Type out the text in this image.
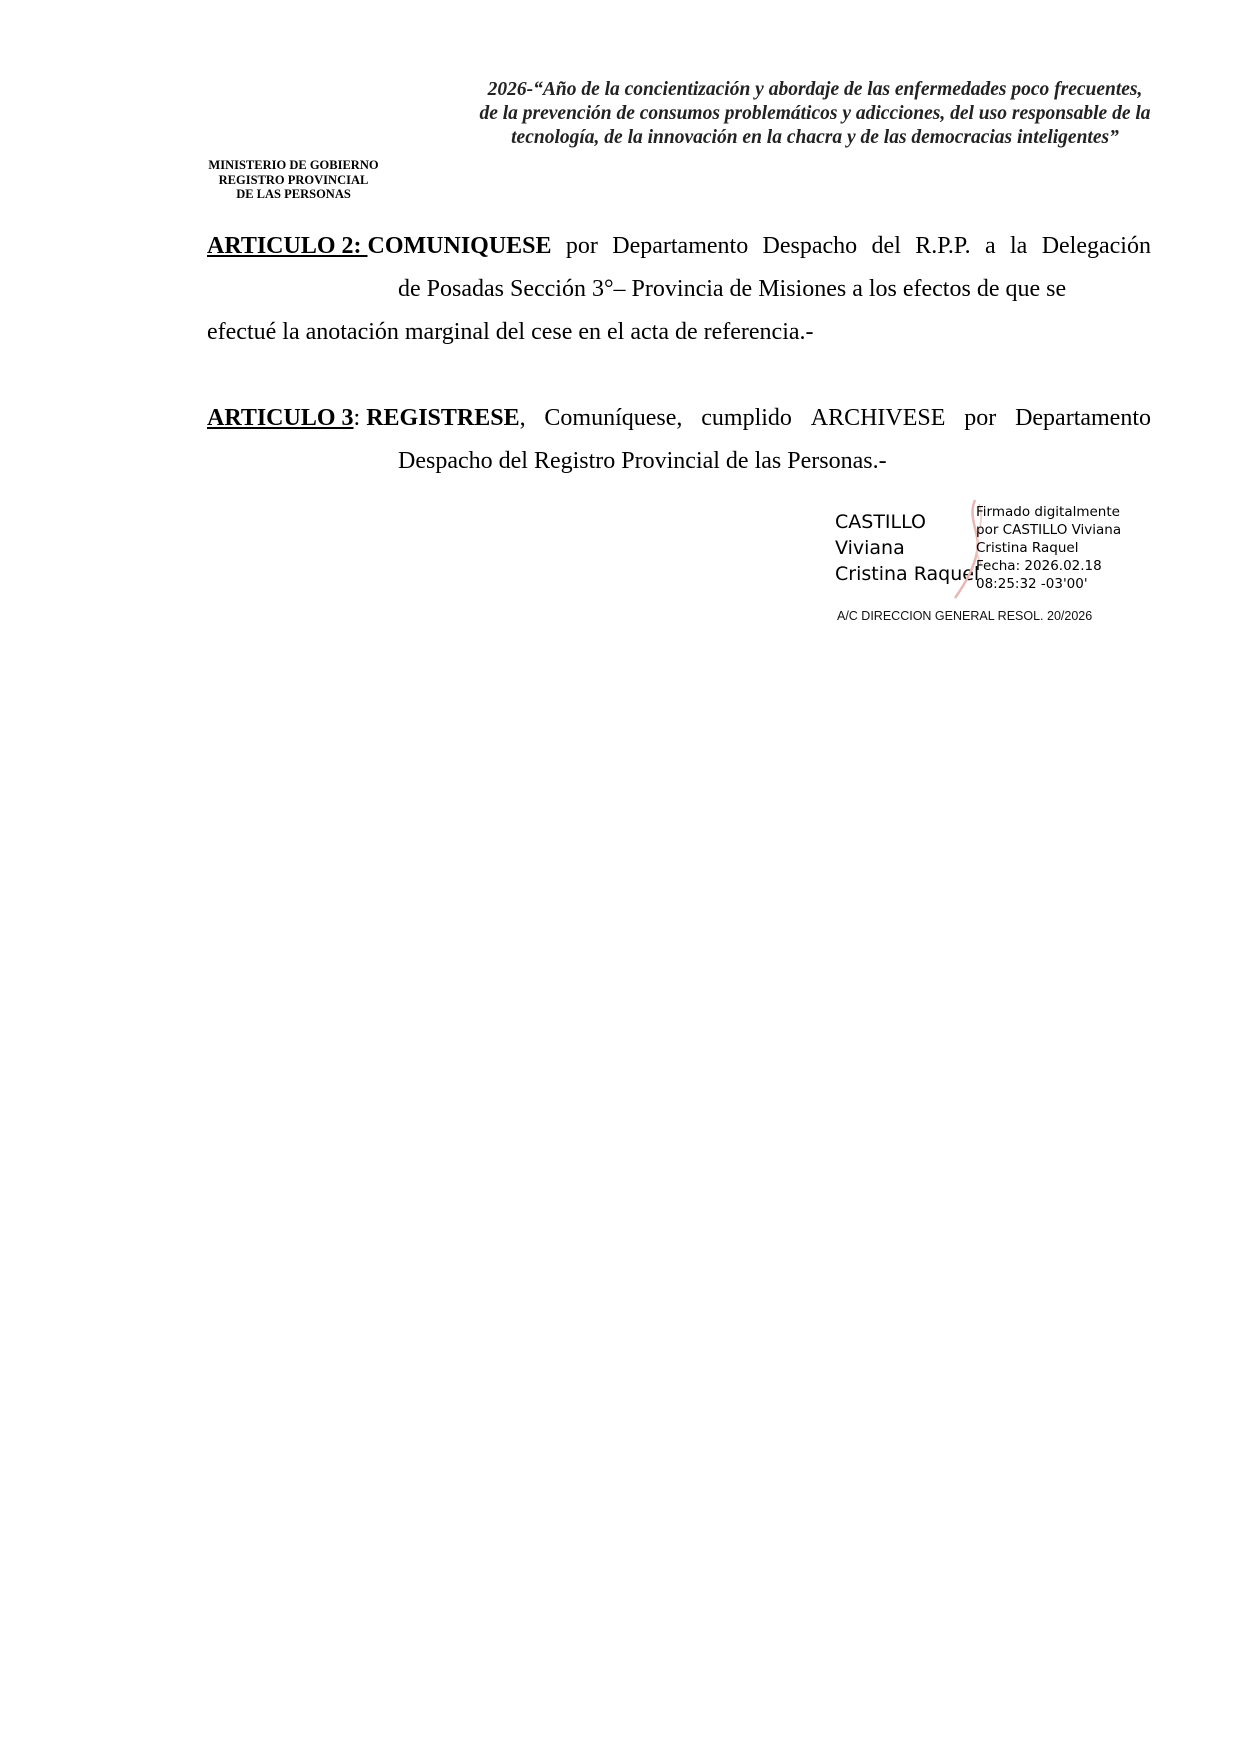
2026-“Año de la concientización y abordaje de las enfermedades poco frecuentes,
de la prevención de consumos problemáticos y adicciones, del uso responsable de la
tecnología, de la innovación en la chacra y de las democracias inteligentes”
MINISTERIO DE GOBIERNO
REGISTRO PROVINCIAL
DE LAS PERSONAS
ARTICULO 2: COMUNIQUESE por Departamento Despacho del R.P.P. a la Delegación
de Posadas Sección 3°– Provincia de Misiones a los efectos de que se
efectué la anotación marginal del cese en el acta de referencia.-
ARTICULO 3: REGISTRESE, Comuníquese, cumplido ARCHIVESE por Departamento
Despacho del Registro Provincial de las Personas.-
CASTILLO
Viviana
Cristina Raquel
Firmado digitalmente
por CASTILLO Viviana
Cristina Raquel
Fecha: 2026.02.18
08:25:32 -03'00'
A/C DIRECCION GENERAL RESOL. 20/2026
